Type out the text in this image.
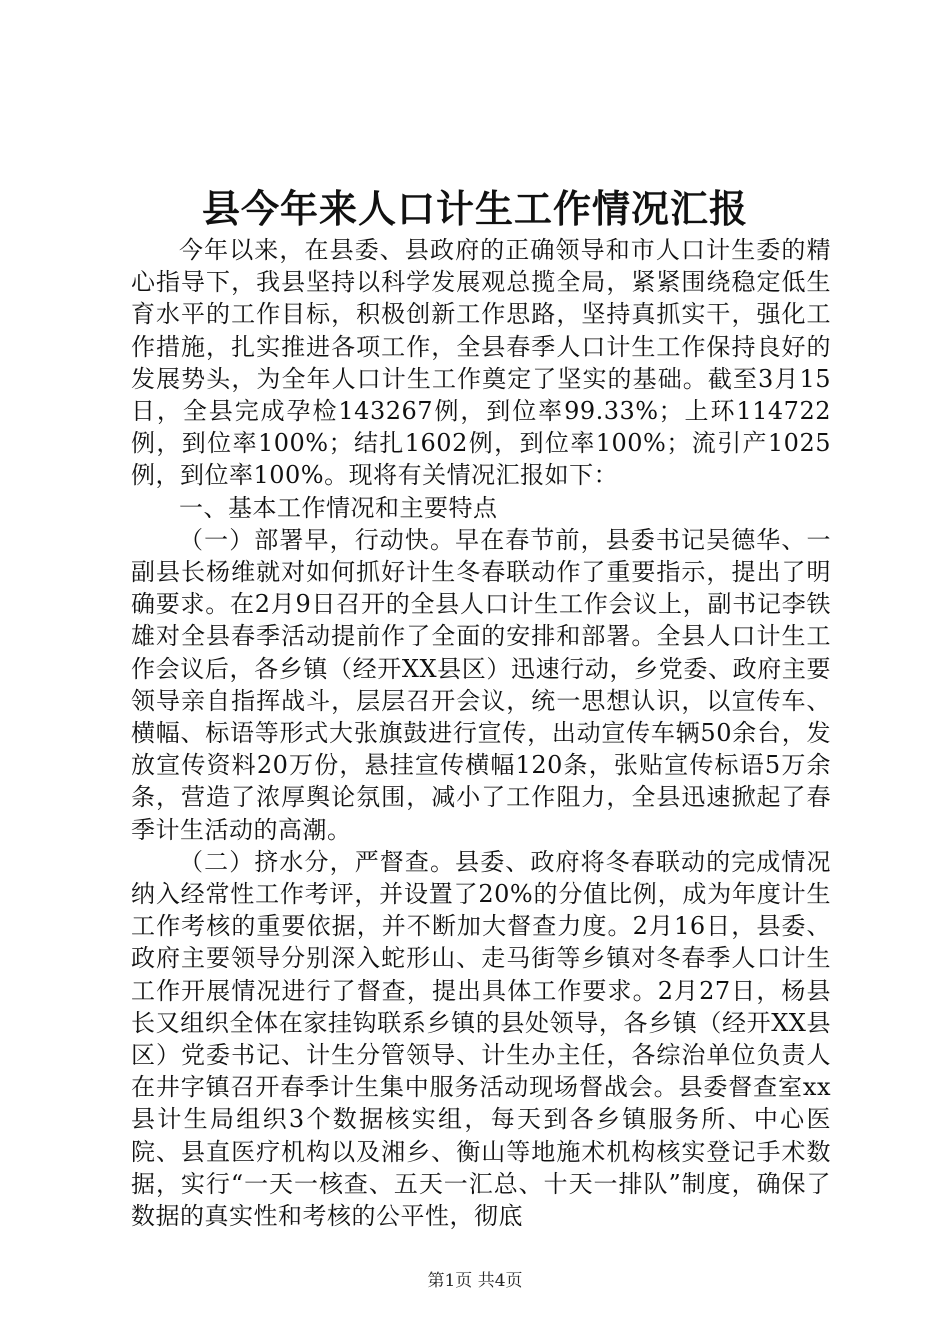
县今年来人口计生工作情况汇报

今年以来，在县委、县政府的正确领导和市人口计生委的精心指导下，我县坚持以科学发展观总揽全局，紧紧围绕稳定低生育水平的工作目标，积极创新工作思路，坚持真抓实干，强化工作措施，扎实推进各项工作，全县春季人口计生工作保持良好的发展势头，为全年人口计生工作奠定了坚实的基础。截至3月15日，全县完成孕检143267例，到位率99.33%；上环114722例，到位率100%；结扎1602例，到位率100%；流引产1025例，到位率100%。现将有关情况汇报如下：

一、基本工作情况和主要特点

（一）部署早，行动快。早在春节前，县委书记吴德华、一副县长杨维就对如何抓好计生冬春联动作了重要指示，提出了明确要求。在2月9日召开的全县人口计生工作会议上，副书记李铁雄对全县春季活动提前作了全面的安排和部署。全县人口计生工作会议后，各乡镇（经开XX县区）迅速行动，乡党委、政府主要领导亲自指挥战斗，层层召开会议，统一思想认识，以宣传车、横幅、标语等形式大张旗鼓进行宣传，出动宣传车辆50余台，发放宣传资料20万份，悬挂宣传横幅120条，张贴宣传标语5万余条，营造了浓厚舆论氛围，减小了工作阻力，全县迅速掀起了春季计生活动的高潮。

（二）挤水分，严督查。县委、政府将冬春联动的完成情况纳入经常性工作考评，并设置了20%的分值比例，成为年度计生工作考核的重要依据，并不断加大督查力度。2月16日，县委、政府主要领导分别深入蛇形山、走马街等乡镇对冬春季人口计生工作开展情况进行了督查，提出具体工作要求。2月27日，杨县长又组织全体在家挂钩联系乡镇的县处领导，各乡镇（经开XX县区）党委书记、计生分管领导、计生办主任，各综治单位负责人在井字镇召开春季计生集中服务活动现场督战会。县委督查室xx县计生局组织3个数据核实组，每天到各乡镇服务所、中心医院、县直医疗机构以及湘乡、衡山等地施术机构核实登记手术数据，实行“一天一核查、五天一汇总、十天一排队”制度，确保了数据的真实性和考核的公平性，彻底

第1页 共4页
